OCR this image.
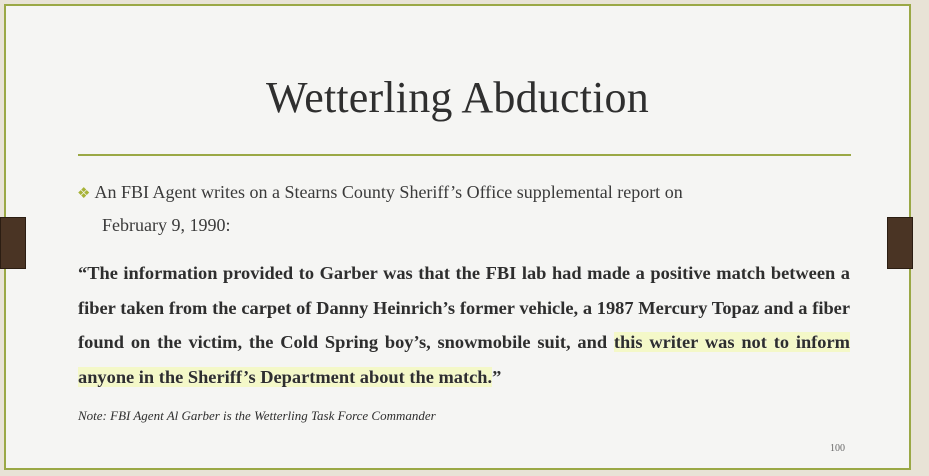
Wetterling Abduction
❖ An FBI Agent writes on a Stearns County Sheriff’s Office supplemental report on
February 9, 1990:
“The information provided to Garber was that the FBI lab had made a positive match between a fiber taken from the carpet of Danny Heinrich’s former vehicle, a 1987 Mercury Topaz and a fiber found on the victim, the Cold Spring boy’s, snowmobile suit, and this writer was not to inform anyone in the Sheriff’s Department about the match.”
Note: FBI Agent Al Garber is the Wetterling Task Force Commander
100
